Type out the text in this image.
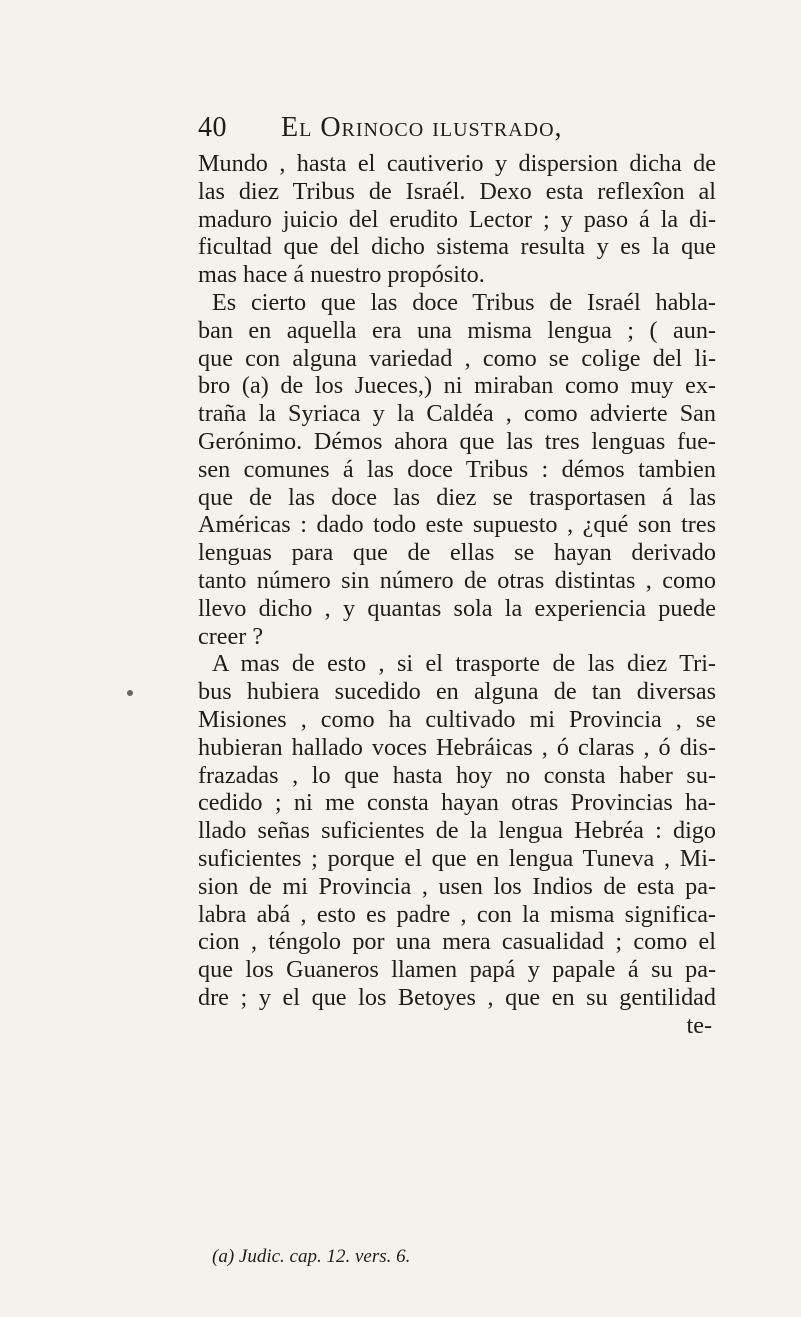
40 El Orinoco ilustrado,
Mundo , hasta el cautiverio y dispersion dicha de
las diez Tribus de Israél. Dexo esta reflexîon al
maduro juicio del erudito Lector ; y paso á la di-
ficultad que del dicho sistema resulta y es la que
mas hace á nuestro propósito.
Es cierto que las doce Tribus de Israél habla-
ban en aquella era una misma lengua ; ( aun-
que con alguna variedad , como se colige del li-
bro (a) de los Jueces,) ni miraban como muy ex-
traña la Syriaca y la Caldéa , como advierte San
Gerónimo. Démos ahora que las tres lenguas fue-
sen comunes á las doce Tribus : démos tambien
que de las doce las diez se trasportasen á las
Américas : dado todo este supuesto , ¿qué son tres
lenguas para que de ellas se hayan derivado
tanto número sin número de otras distintas , como
llevo dicho , y quantas sola la experiencia puede
creer ?
A mas de esto , si el trasporte de las diez Tri-
bus hubiera sucedido en alguna de tan diversas
Misiones , como ha cultivado mi Provincia , se
hubieran hallado voces Hebráicas , ó claras , ó dis-
frazadas , lo que hasta hoy no consta haber su-
cedido ; ni me consta hayan otras Provincias ha-
llado señas suficientes de la lengua Hebréa : digo
suficientes ; porque el que en lengua Tuneva , Mi-
sion de mi Provincia , usen los Indios de esta pa-
labra abá , esto es padre , con la misma significa-
cion , téngolo por una mera casualidad ; como el
que los Guaneros llamen papá y papale á su pa-
dre ; y el que los Betoyes , que en su gentilidad
te-
(a) Judic. cap. 12. vers. 6.
